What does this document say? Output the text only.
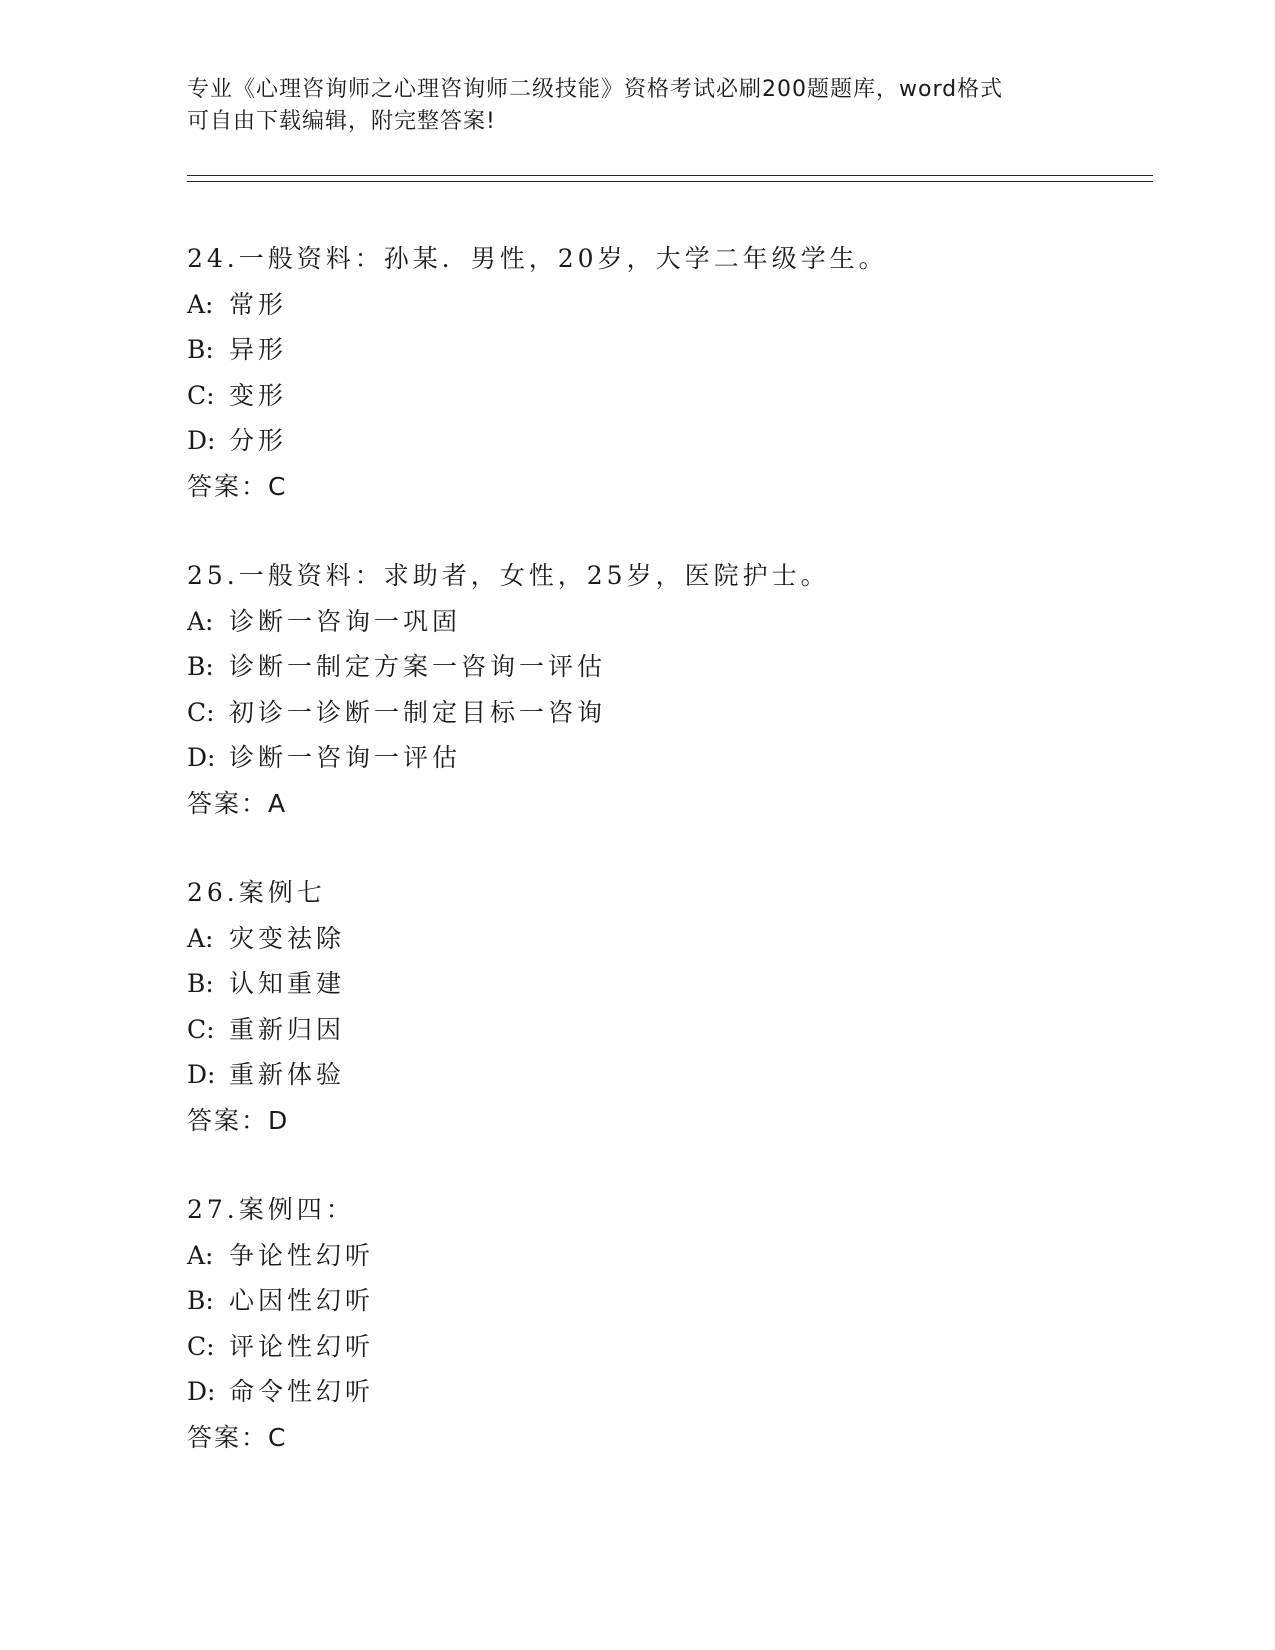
专业《心理咨询师之心理咨询师二级技能》资格考试必刷200题题库，word格式
可自由下载编辑，附完整答案!
24.一般资料：孙某．男性，20岁，大学二年级学生。
A: 常形
B: 异形
C: 变形
D: 分形
答案：C
25.一般资料：求助者，女性，25岁，医院护士。
A: 诊断一咨询一巩固
B: 诊断一制定方案一咨询一评估
C: 初诊一诊断一制定目标一咨询
D: 诊断一咨询一评估
答案：A
26.案例七
A: 灾变祛除
B: 认知重建
C: 重新归因
D: 重新体验
答案：D
27.案例四：
A: 争论性幻听
B: 心因性幻听
C: 评论性幻听
D: 命令性幻听
答案：C
